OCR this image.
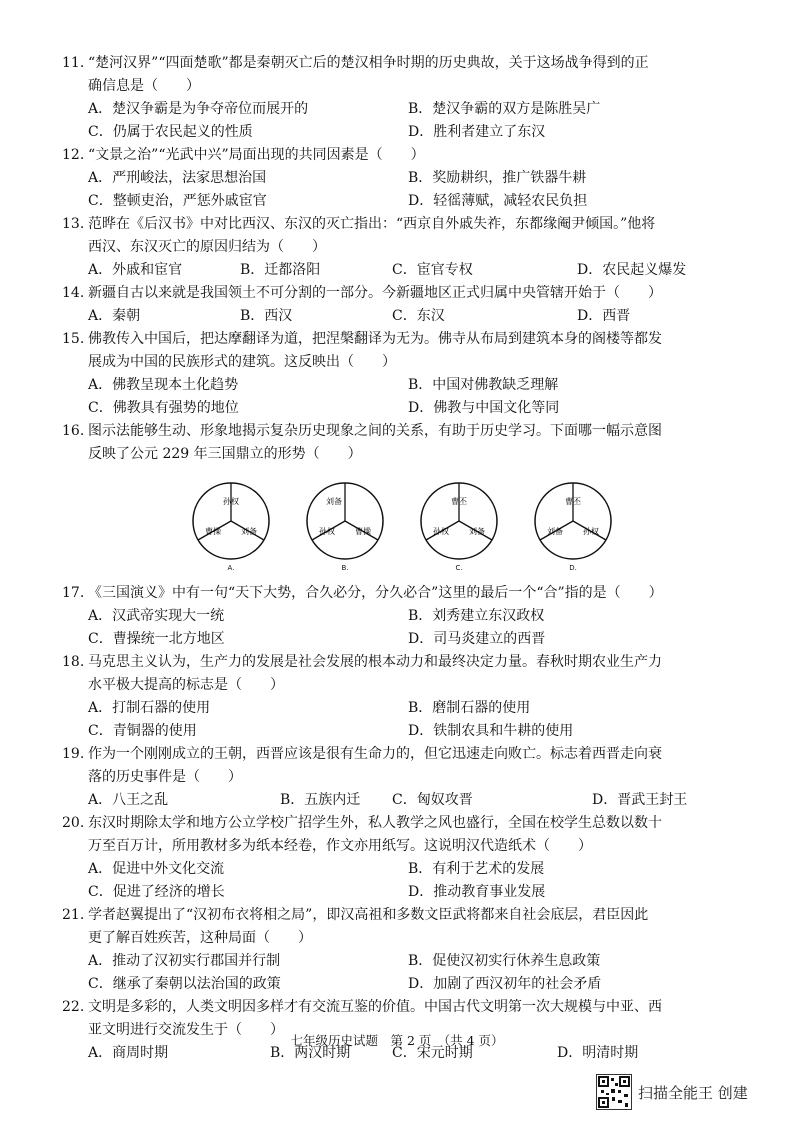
11. “楚河汉界”“四面楚歌”都是秦朝灭亡后的楚汉相争时期的历史典故，关于这场战争得到的正
确信息是（　　）
A．楚汉争霸是为争夺帝位而展开的	B．楚汉争霸的双方是陈胜吴广
C．仍属于农民起义的性质	D．胜利者建立了东汉
12. “文景之治”“光武中兴”局面出现的共同因素是（　　）
A．严刑峻法，法家思想治国	B．奖励耕织，推广铁器牛耕
C．整顿吏治，严惩外戚宦官	D．轻徭薄赋，减轻农民负担
13. 范晔在《后汉书》中对比西汉、东汉的灭亡指出：“西京自外戚失祚，东都缘阉尹倾国。”他将
西汉、东汉灭亡的原因归结为（　　）
A．外戚和宦官	B．迁都洛阳	C．宦官专权	D．农民起义爆发
14. 新疆自古以来就是我国领土不可分割的一部分。今新疆地区正式归属中央管辖开始于（　　）
A．秦朝	B．西汉	C．东汉	D．西晋
15. 佛教传入中国后，把达摩翻译为道，把涅槃翻译为无为。佛寺从布局到建筑本身的阁楼等都发
展成为中国的民族形式的建筑。这反映出（　　）
A．佛教呈现本土化趋势	B．中国对佛教缺乏理解
C．佛教具有强势的地位	D．佛教与中国文化等同
16. 图示法能够生动、形象地揭示复杂历史现象之间的关系，有助于历史学习。下面哪一幅示意图
反映了公元 229 年三国鼎立的形势（　　）
孙权
曹操	刘备
A.
刘备
孙权	曹操
B.
曹丕
孙权	刘备
C.
曹丕
刘备	孙权
D.
17. 《三国演义》中有一句“天下大势，合久必分，分久必合”这里的最后一个“合”指的是（　　）
A．汉武帝实现大一统	B．刘秀建立东汉政权
C．曹操统一北方地区	D．司马炎建立的西晋
18. 马克思主义认为，生产力的发展是社会发展的根本动力和最终决定力量。春秋时期农业生产力
水平极大提高的标志是（　　）
A．打制石器的使用	B．磨制石器的使用
C．青铜器的使用	D．铁制农具和牛耕的使用
19. 作为一个刚刚成立的王朝，西晋应该是很有生命力的，但它迅速走向败亡。标志着西晋走向衰
落的历史事件是（　　）
A．八王之乱	B．五族内迁	C．匈奴攻晋	D．晋武王封王
20. 东汉时期除太学和地方公立学校广招学生外，私人教学之风也盛行，全国在校学生总数以数十
万至百万计，所用教材多为纸本经卷，作文亦用纸写。这说明汉代造纸术（　　）
A．促进中外文化交流	B．有利于艺术的发展
C．促进了经济的增长	D．推动教育事业发展
21. 学者赵翼提出了“汉初布衣将相之局”，即汉高祖和多数文臣武将都来自社会底层，君臣因此
更了解百姓疾苦，这种局面（　　）
A．推动了汉初实行郡国并行制	B．促使汉初实行休养生息政策
C．继承了秦朝以法治国的政策	D．加剧了西汉初年的社会矛盾
22. 文明是多彩的，人类文明因多样才有交流互鉴的价值。中国古代文明第一次大规模与中亚、西
亚文明进行交流发生于（　　）
A．商周时期	B．两汉时期	C．宋元时期	D．明清时期
七年级历史试题　第 2 页　（共 4 页）
扫描全能王 创建
